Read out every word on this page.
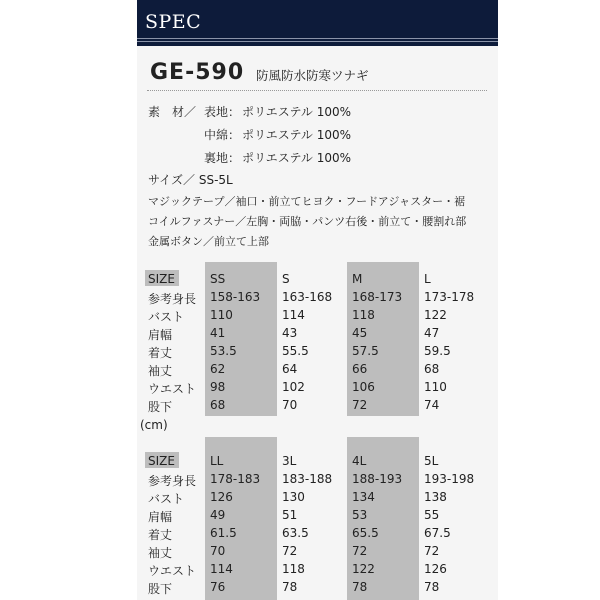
SPEC
GE-590 防風防水防寒ツナギ
素　材／ 表地 ： ポリエステル 100%
中綿 ： ポリエステル 100%
裏地 ： ポリエステル 100%
サイズ／ SS-5L
マジックテープ／袖口・前立てヒヨク・フードアジャスター・裾
コイルファスナー／左胸・両脇・パンツ右後・前立て・腰割れ部
金属ボタン／前立て上部
SIZE
参考身長
バスト
肩幅
着丈
袖丈
ウエスト
股下
SS
158-163
110
41
53.5
62
98
68
S
163-168
114
43
55.5
64
102
70
M
168-173
118
45
57.5
66
106
72
L
173-178
122
47
59.5
68
110
74
(cm)
SIZE
参考身長
バスト
肩幅
着丈
袖丈
ウエスト
股下
LL
178-183
126
49
61.5
70
114
76
3L
183-188
130
51
63.5
72
118
78
4L
188-193
134
53
65.5
72
122
78
5L
193-198
138
55
67.5
72
126
78
